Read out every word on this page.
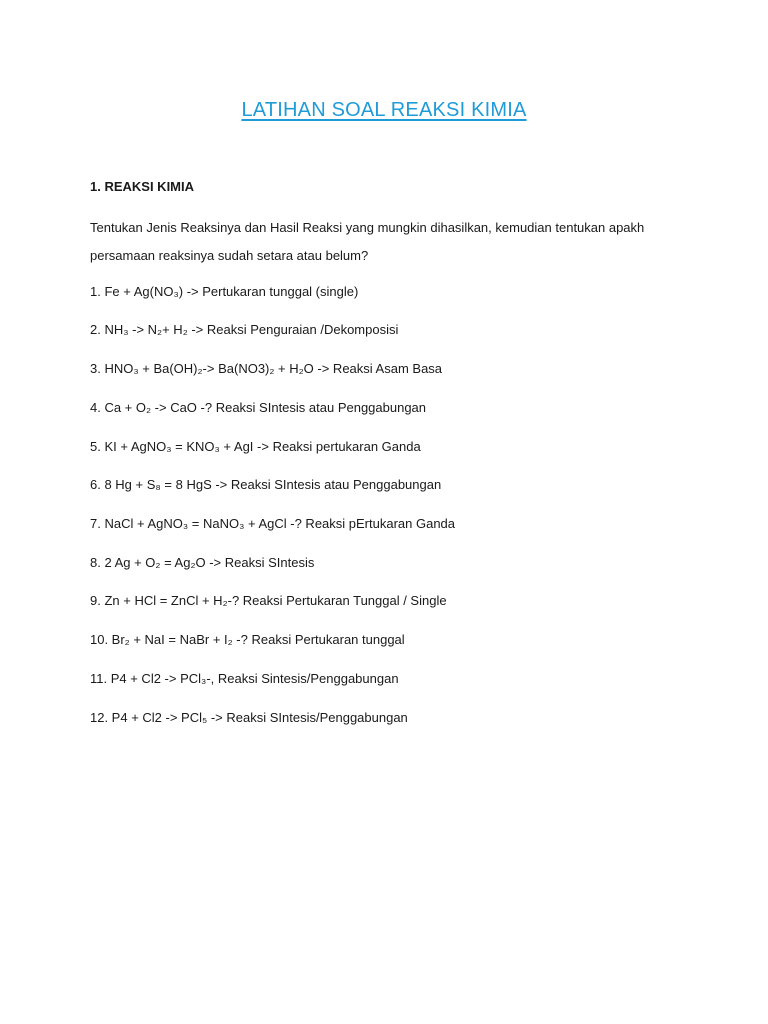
LATIHAN SOAL REAKSI KIMIA
1. REAKSI KIMIA
Tentukan Jenis Reaksinya dan Hasil Reaksi yang mungkin dihasilkan, kemudian tentukan apakh persamaan reaksinya sudah setara atau belum?
1. Fe + Ag(NO₃) -> Pertukaran tunggal (single)
2. NH₃ -> N₂+ H₂ -> Reaksi Penguraian /Dekomposisi
3. HNO₃ + Ba(OH)₂-> Ba(NO3)₂ + H₂O -> Reaksi Asam Basa
4. Ca + O₂ -> CaO -? Reaksi SIntesis atau Penggabungan
5. KI + AgNO₃ = KNO₃ + AgI -> Reaksi pertukaran Ganda
6. 8 Hg + S₈ = 8 HgS -> Reaksi SIntesis atau Penggabungan
7. NaCl + AgNO₃ = NaNO₃ + AgCl -? Reaksi pErtukaran Ganda
8. 2 Ag + O₂ = Ag₂O -> Reaksi SIntesis
9. Zn + HCl = ZnCl + H₂-? Reaksi Pertukaran Tunggal / Single
10. Br₂ + NaI = NaBr + I₂ -? Reaksi Pertukaran tunggal
11. P4 + Cl2 -> PCl₃-, Reaksi Sintesis/Penggabungan
12. P4 + Cl2 -> PCl₅ -> Reaksi SIntesis/Penggabungan
